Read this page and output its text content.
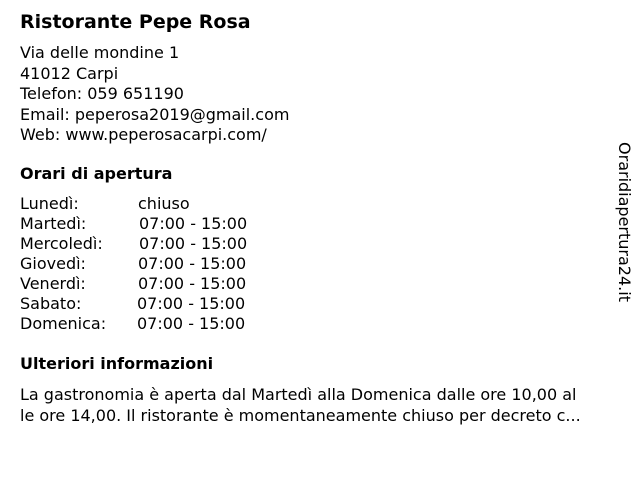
Ristorante Pepe Rosa
Via delle mondine 1
41012 Carpi
Telefon: 059 651190
Email: peperosa2019@gmail.com
Web: www.peperosacarpi.com/
Orari di apertura
Lunedì:	chiuso
Martedì:	07:00 - 15:00
Mercoledì: 07:00 - 15:00
Giovedì:	07:00 - 15:00
Venerdì:	07:00 - 15:00
Sabato:	07:00 - 15:00
Domenica: 07:00 - 15:00
Ulteriori informazioni
La gastronomia è aperta dal Martedì alla Domenica dalle ore 10,00 al
le ore 14,00. Il ristorante è momentaneamente chiuso per decreto c...
Oraridiapertura24.it
